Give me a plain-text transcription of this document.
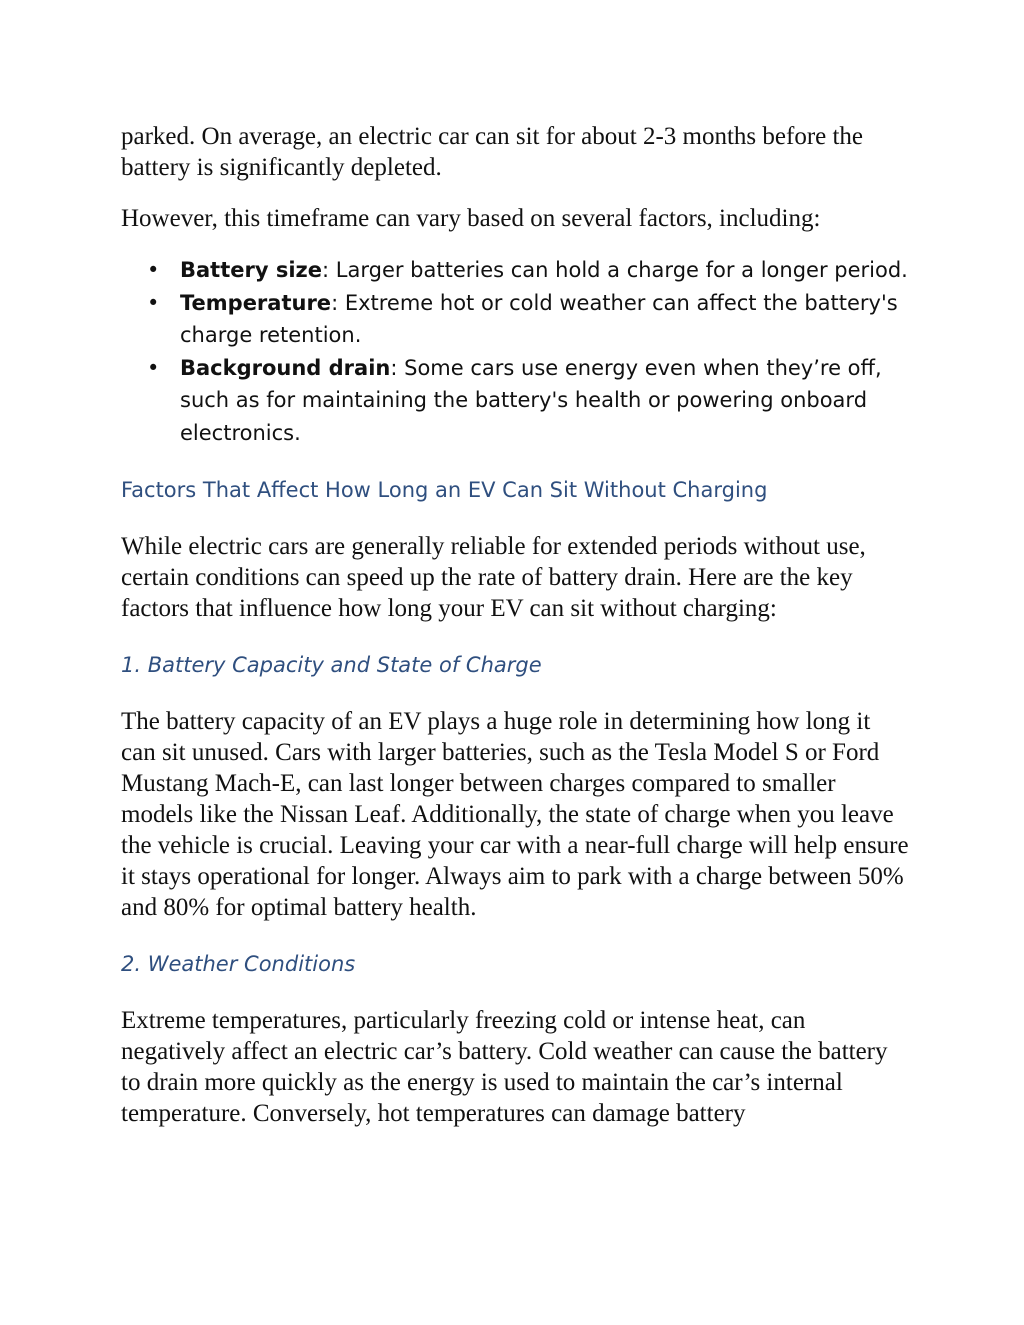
parked. On average, an electric car can sit for about 2-3 months before the battery is significantly depleted.

However, this timeframe can vary based on several factors, including:

• Battery size: Larger batteries can hold a charge for a longer period.
• Temperature: Extreme hot or cold weather can affect the battery's charge retention.
• Background drain: Some cars use energy even when they’re off, such as for maintaining the battery's health or powering onboard electronics.
Factors That Affect How Long an EV Can Sit Without Charging

While electric cars are generally reliable for extended periods without use, certain conditions can speed up the rate of battery drain. Here are the key factors that influence how long your EV can sit without charging:

1. Battery Capacity and State of Charge

The battery capacity of an EV plays a huge role in determining how long it can sit unused. Cars with larger batteries, such as the Tesla Model S or Ford Mustang Mach-E, can last longer between charges compared to smaller models like the Nissan Leaf. Additionally, the state of charge when you leave the vehicle is crucial. Leaving your car with a near-full charge will help ensure it stays operational for longer. Always aim to park with a charge between 50% and 80% for optimal battery health.

2. Weather Conditions

Extreme temperatures, particularly freezing cold or intense heat, can negatively affect an electric car’s battery. Cold weather can cause the battery to drain more quickly as the energy is used to maintain the car’s internal temperature. Conversely, hot temperatures can damage battery
